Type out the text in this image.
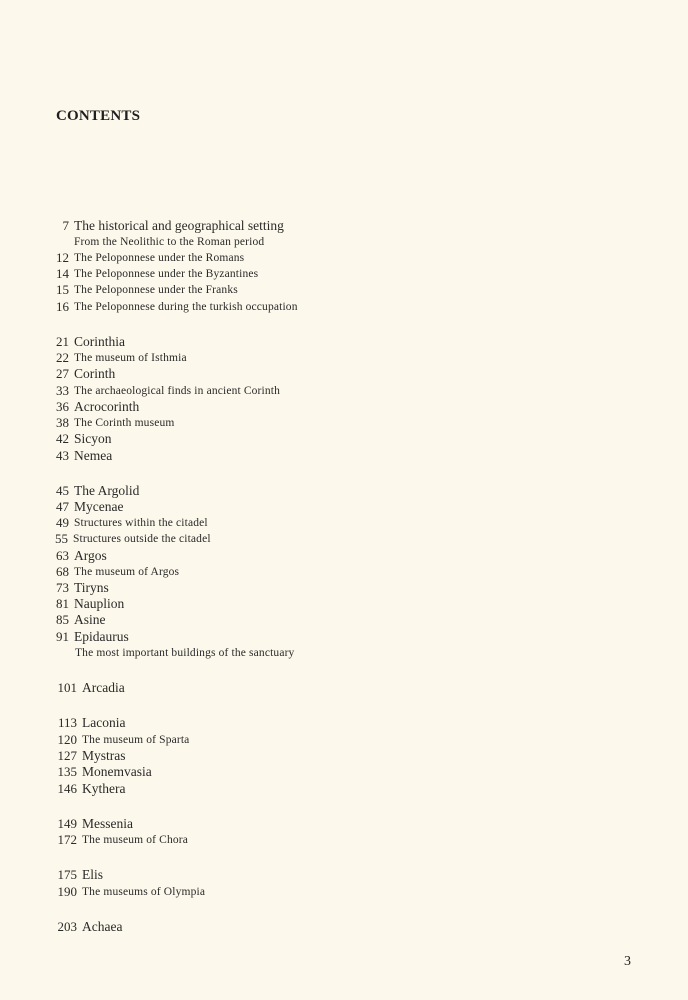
CONTENTS
7 The historical and geographical setting
From the Neolithic to the Roman period
12 The Peloponnese under the Romans
14 The Peloponnese under the Byzantines
15 The Peloponnese under the Franks
16 The Peloponnese during the turkish occupation
21 Corinthia
22 The museum of Isthmia
27 Corinth
33 The archaeological finds in ancient Corinth
36 Acrocorinth
38 The Corinth museum
42 Sicyon
43 Nemea
45 The Argolid
47 Mycenae
49 Structures within the citadel
55 Structures outside the citadel
63 Argos
68 The museum of Argos
73 Tiryns
81 Nauplion
85 Asine
91 Epidaurus
The most important buildings of the sanctuary
101 Arcadia
113 Laconia
120 The museum of Sparta
127 Mystras
135 Monemvasia
146 Kythera
149 Messenia
172 The museum of Chora
175 Elis
190 The museums of Olympia
203 Achaea
3
